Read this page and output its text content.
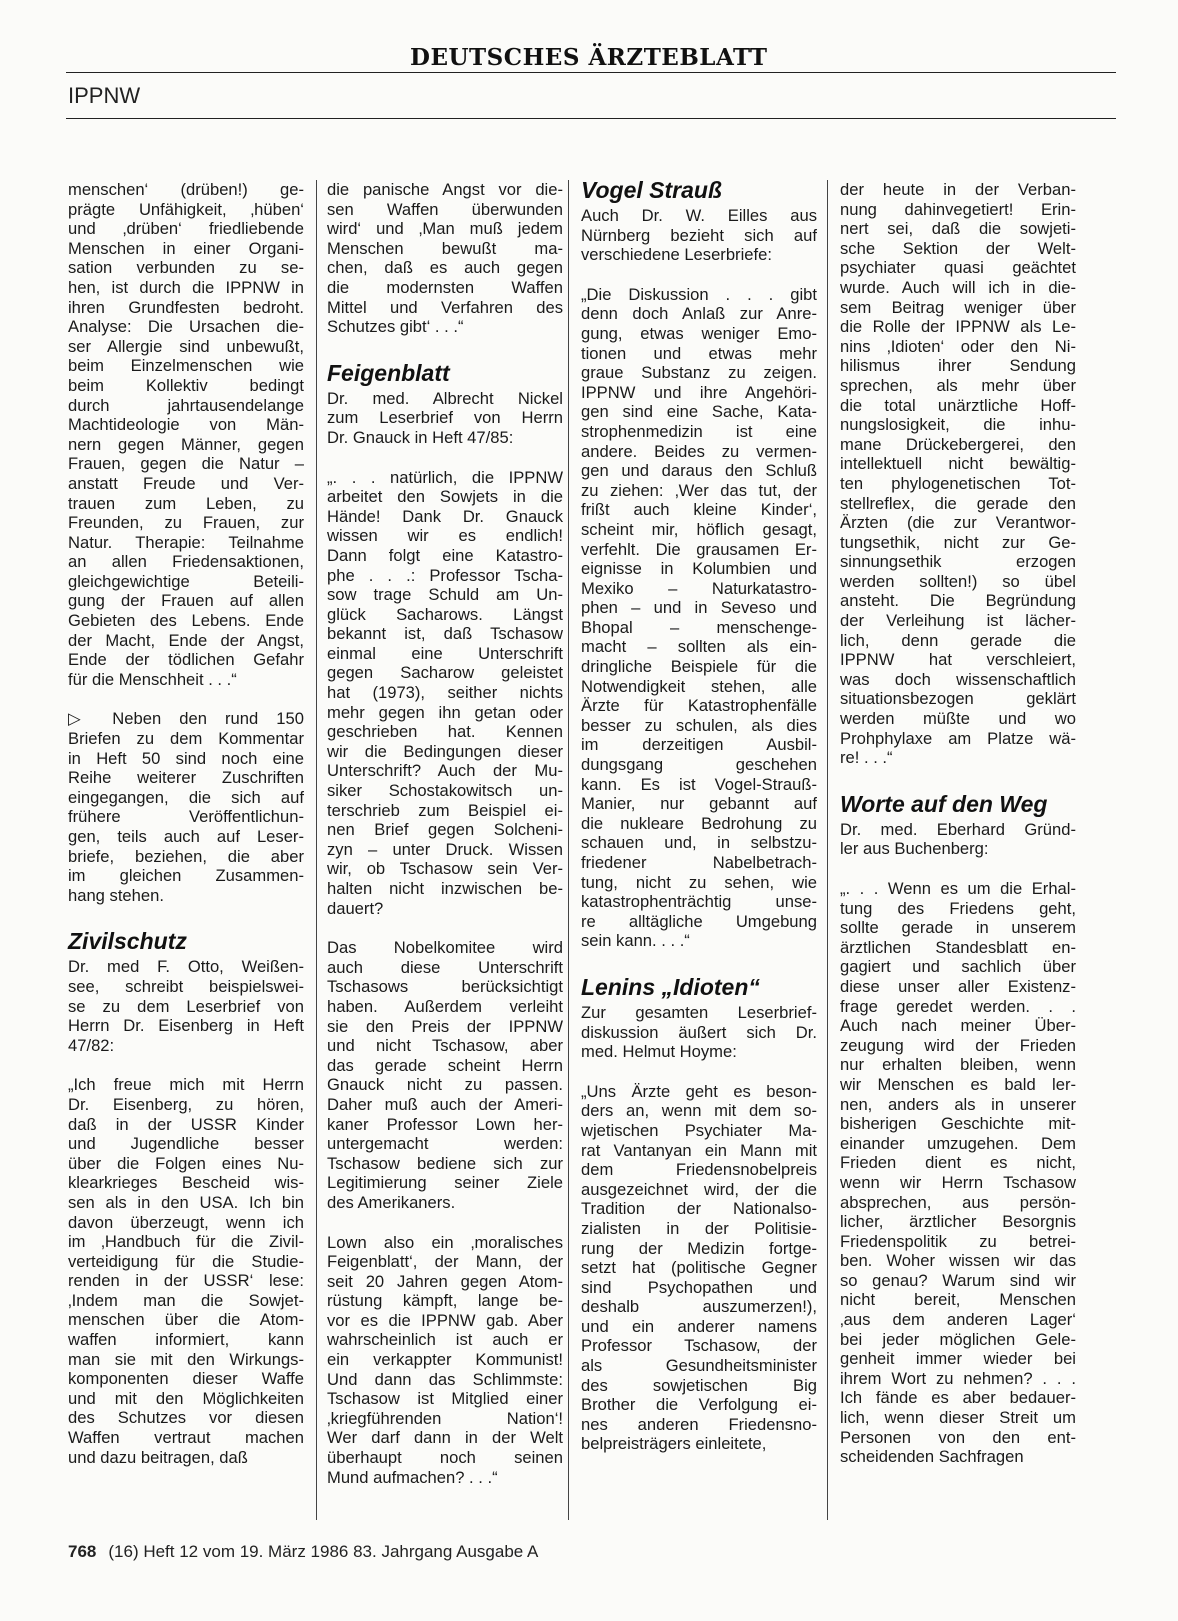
DEUTSCHES ÄRZTEBLATT
IPPNW

menschen‘ (drüben!) ge-
prägte Unfähigkeit, ‚hüben‘
und ‚drüben‘ friedliebende
Menschen in einer Organi-
sation verbunden zu se-
hen, ist durch die IPPNW in
ihren Grundfesten bedroht.
Analyse: Die Ursachen die-
ser Allergie sind unbewußt,
beim Einzelmenschen wie
beim Kollektiv bedingt
durch jahrtausendelange
Machtideologie von Män-
nern gegen Männer, gegen
Frauen, gegen die Natur –
anstatt Freude und Ver-
trauen zum Leben, zu
Freunden, zu Frauen, zur
Natur. Therapie: Teilnahme
an allen Friedensaktionen,
gleichgewichtige Beteili-
gung der Frauen auf allen
Gebieten des Lebens. Ende
der Macht, Ende der Angst,
Ende der tödlichen Gefahr
für die Menschheit . . .“

▷ Neben den rund 150
Briefen zu dem Kommentar
in Heft 50 sind noch eine
Reihe weiterer Zuschriften
eingegangen, die sich auf
frühere Veröffentlichun-
gen, teils auch auf Leser-
briefe, beziehen, die aber
im gleichen Zusammen-
hang stehen.

Zivilschutz

Dr. med F. Otto, Weißen-
see, schreibt beispielswei-
se zu dem Leserbrief von
Herrn Dr. Eisenberg in Heft
47/82:

„Ich freue mich mit Herrn
Dr. Eisenberg, zu hören,
daß in der USSR Kinder
und Jugendliche besser
über die Folgen eines Nu-
klearkrieges Bescheid wis-
sen als in den USA. Ich bin
davon überzeugt, wenn ich
im ‚Handbuch für die Zivil-
verteidigung für die Studie-
renden in der USSR‘ lese:
‚Indem man die Sowjet-
menschen über die Atom-
waffen informiert, kann
man sie mit den Wirkungs-
komponenten dieser Waffe
und mit den Möglichkeiten
des Schutzes vor diesen
Waffen vertraut machen
und dazu beitragen, daß

die panische Angst vor die-
sen Waffen überwunden
wird‘ und ‚Man muß jedem
Menschen bewußt ma-
chen, daß es auch gegen
die modernsten Waffen
Mittel und Verfahren des
Schutzes gibt‘ . . .“

Feigenblatt

Dr. med. Albrecht Nickel
zum Leserbrief von Herrn
Dr. Gnauck in Heft 47/85:

„. . . natürlich, die IPPNW
arbeitet den Sowjets in die
Hände! Dank Dr. Gnauck
wissen wir es endlich!
Dann folgt eine Katastro-
phe . . .: Professor Tscha-
sow trage Schuld am Un-
glück Sacharows. Längst
bekannt ist, daß Tschasow
einmal eine Unterschrift
gegen Sacharow geleistet
hat (1973), seither nichts
mehr gegen ihn getan oder
geschrieben hat. Kennen
wir die Bedingungen dieser
Unterschrift? Auch der Mu-
siker Schostakowitsch un-
terschrieb zum Beispiel ei-
nen Brief gegen Solcheni-
zyn – unter Druck. Wissen
wir, ob Tschasow sein Ver-
halten nicht inzwischen be-
dauert?

Das Nobelkomitee wird
auch diese Unterschrift
Tschasows berücksichtigt
haben. Außerdem verleiht
sie den Preis der IPPNW
und nicht Tschasow, aber
das gerade scheint Herrn
Gnauck nicht zu passen.
Daher muß auch der Ameri-
kaner Professor Lown her-
untergemacht werden:
Tschasow bediene sich zur
Legitimierung seiner Ziele
des Amerikaners.

Lown also ein ‚moralisches
Feigenblatt‘, der Mann, der
seit 20 Jahren gegen Atom-
rüstung kämpft, lange be-
vor es die IPPNW gab. Aber
wahrscheinlich ist auch er
ein verkappter Kommunist!
Und dann das Schlimmste:
Tschasow ist Mitglied einer
‚kriegführenden Nation‘!
Wer darf dann in der Welt
überhaupt noch seinen
Mund aufmachen? . . .“

Vogel Strauß

Auch Dr. W. Eilles aus
Nürnberg bezieht sich auf
verschiedene Leserbriefe:

„Die Diskussion . . . gibt
denn doch Anlaß zur Anre-
gung, etwas weniger Emo-
tionen und etwas mehr
graue Substanz zu zeigen.
IPPNW und ihre Angehöri-
gen sind eine Sache, Kata-
strophenmedizin ist eine
andere. Beides zu vermen-
gen und daraus den Schluß
zu ziehen: ‚Wer das tut, der
frißt auch kleine Kinder‘,
scheint mir, höflich gesagt,
verfehlt. Die grausamen Er-
eignisse in Kolumbien und
Mexiko – Naturkatastro-
phen – und in Seveso und
Bhopal – menschenge-
macht – sollten als ein-
dringliche Beispiele für die
Notwendigkeit stehen, alle
Ärzte für Katastrophenfälle
besser zu schulen, als dies
im derzeitigen Ausbil-
dungsgang geschehen
kann. Es ist Vogel-Strauß-
Manier, nur gebannt auf
die nukleare Bedrohung zu
schauen und, in selbstzu-
friedener Nabelbetrach-
tung, nicht zu sehen, wie
katastrophenträchtig unse-
re alltägliche Umgebung
sein kann. . . .“

Lenins „Idioten“

Zur gesamten Leserbrief-
diskussion äußert sich Dr.
med. Helmut Hoyme:

„Uns Ärzte geht es beson-
ders an, wenn mit dem so-
wjetischen Psychiater Ma-
rat Vantanyan ein Mann mit
dem Friedensnobelpreis
ausgezeichnet wird, der die
Tradition der Nationalso-
zialisten in der Politisie-
rung der Medizin fortge-
setzt hat (politische Gegner
sind Psychopathen und
deshalb auszumerzen!),
und ein anderer namens
Professor Tschasow, der
als Gesundheitsminister
des sowjetischen Big
Brother die Verfolgung ei-
nes anderen Friedensno-
belpreisträgers einleitete,

der heute in der Verban-
nung dahinvegetiert! Erin-
nert sei, daß die sowjeti-
sche Sektion der Welt-
psychiater quasi geächtet
wurde. Auch will ich in die-
sem Beitrag weniger über
die Rolle der IPPNW als Le-
nins ‚Idioten‘ oder den Ni-
hilismus ihrer Sendung
sprechen, als mehr über
die total unärztliche Hoff-
nungslosigkeit, die inhu-
mane Drückebergerei, den
intellektuell nicht bewältig-
ten phylogenetischen Tot-
stellreflex, die gerade den
Ärzten (die zur Verantwor-
tungsethik, nicht zur Ge-
sinnungsethik erzogen
werden sollten!) so übel
ansteht. Die Begründung
der Verleihung ist lächer-
lich, denn gerade die
IPPNW hat verschleiert,
was doch wissenschaftlich
situationsbezogen geklärt
werden müßte und wo
Prohphylaxe am Platze wä-
re! . . .“

Worte auf den Weg

Dr. med. Eberhard Gründ-
ler aus Buchenberg:

„. . . Wenn es um die Erhal-
tung des Friedens geht,
sollte gerade in unserem
ärztlichen Standesblatt en-
gagiert und sachlich über
diese unser aller Existenz-
frage geredet werden. . .
Auch nach meiner Über-
zeugung wird der Frieden
nur erhalten bleiben, wenn
wir Menschen es bald ler-
nen, anders als in unserer
bisherigen Geschichte mit-
einander umzugehen. Dem
Frieden dient es nicht,
wenn wir Herrn Tschasow
absprechen, aus persön-
licher, ärztlicher Besorgnis
Friedenspolitik zu betrei-
ben. Woher wissen wir das
so genau? Warum sind wir
nicht bereit, Menschen
‚aus dem anderen Lager‘
bei jeder möglichen Gele-
genheit immer wieder bei
ihrem Wort zu nehmen? . . .
Ich fände es aber bedauer-
lich, wenn dieser Streit um
Personen von den ent-
scheidenden Sachfragen

768 (16) Heft 12 vom 19. März 1986 83. Jahrgang Ausgabe A
